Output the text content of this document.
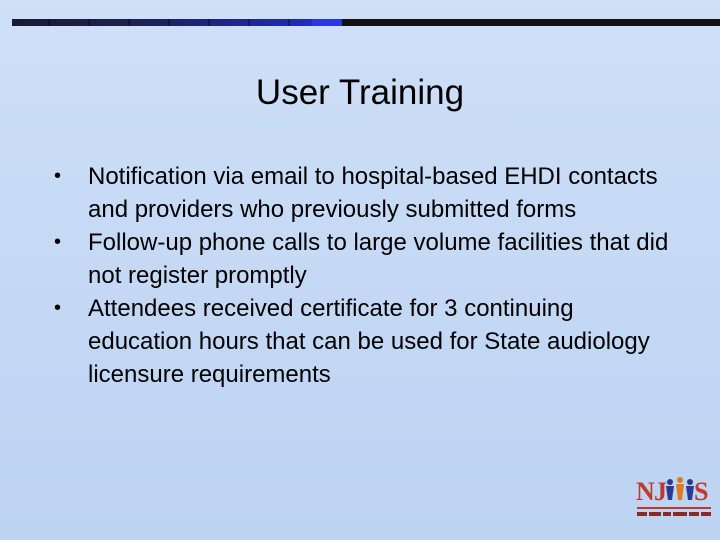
User Training
• Notification via email to hospital-based EHDI contacts and providers who previously submitted forms
• Follow-up phone calls to large volume facilities that did not register promptly
• Attendees received certificate for 3 continuing education hours that can be used for State audiology licensure requirements
N J S
